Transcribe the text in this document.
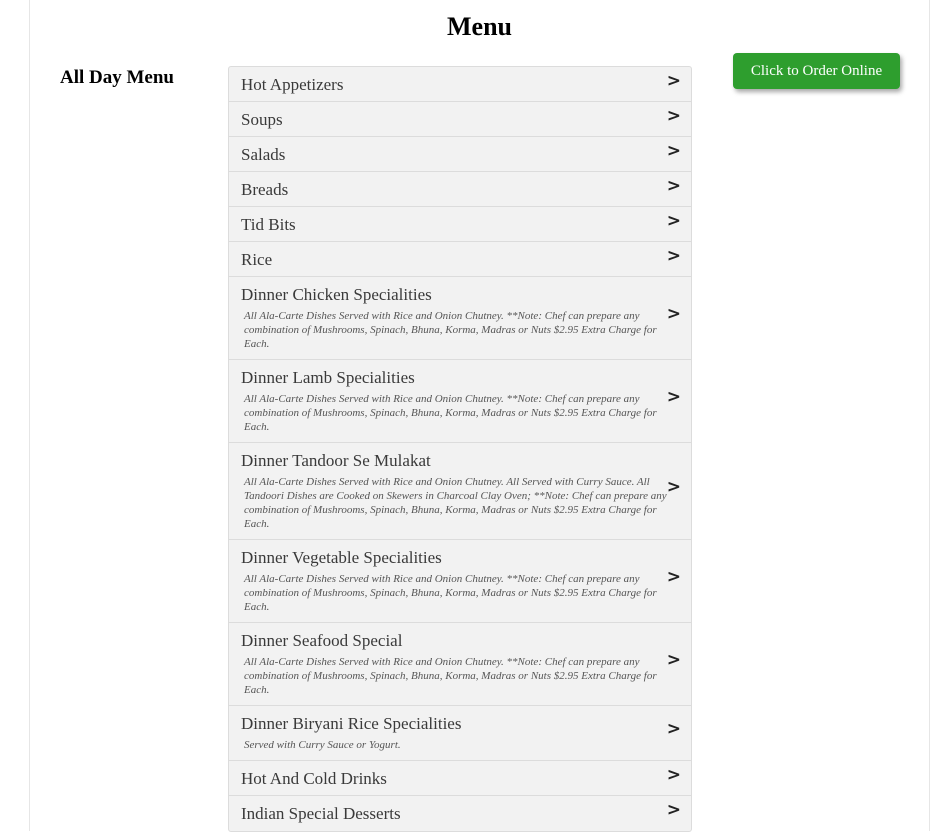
Menu
All Day Menu	Click to Order Online
Hot Appetizers	>
Soups	>
Salads	>
Breads	>
Tid Bits	>
Rice	>
Dinner Chicken Specialities
All Ala-Carte Dishes Served with Rice and Onion Chutney. **Note: Chef can prepare any combination of Mushrooms, Spinach, Bhuna, Korma, Madras or Nuts $2.95 Extra Charge for Each.
>
Dinner Lamb Specialities
All Ala-Carte Dishes Served with Rice and Onion Chutney. **Note: Chef can prepare any combination of Mushrooms, Spinach, Bhuna, Korma, Madras or Nuts $2.95 Extra Charge for Each.
>
Dinner Tandoor Se Mulakat
All Ala-Carte Dishes Served with Rice and Onion Chutney. All Served with Curry Sauce. All Tandoori Dishes are Cooked on Skewers in Charcoal Clay Oven; **Note: Chef can prepare any combination of Mushrooms, Spinach, Bhuna, Korma, Madras or Nuts $2.95 Extra Charge for Each.
>
Dinner Vegetable Specialities
All Ala-Carte Dishes Served with Rice and Onion Chutney. **Note: Chef can prepare any combination of Mushrooms, Spinach, Bhuna, Korma, Madras or Nuts $2.95 Extra Charge for Each.
>
Dinner Seafood Special
All Ala-Carte Dishes Served with Rice and Onion Chutney. **Note: Chef can prepare any combination of Mushrooms, Spinach, Bhuna, Korma, Madras or Nuts $2.95 Extra Charge for Each.
>
Dinner Biryani Rice Specialities
Served with Curry Sauce or Yogurt.
>
Hot And Cold Drinks	>
Indian Special Desserts	>
